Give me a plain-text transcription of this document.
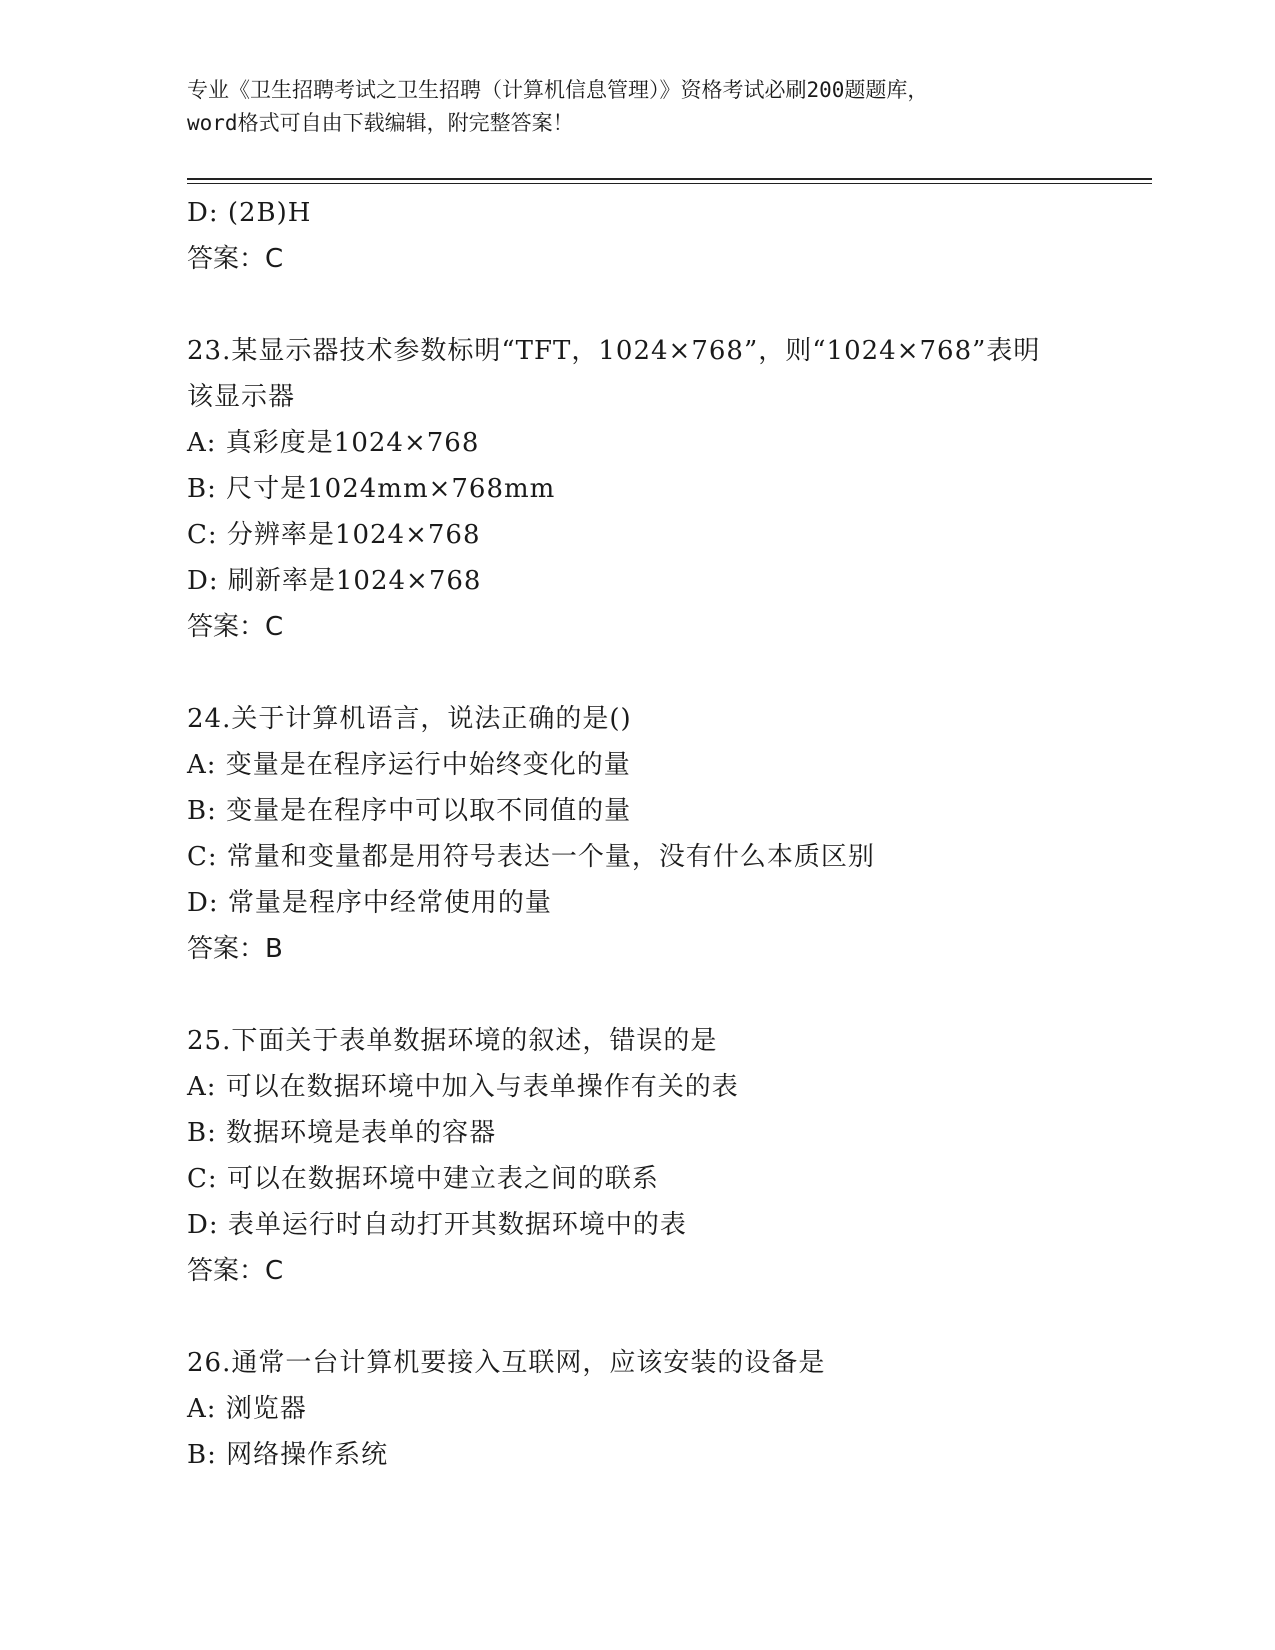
专业《卫生招聘考试之卫生招聘（计算机信息管理）》资格考试必刷200题题库，
word格式可自由下载编辑，附完整答案！
D: (2B)H
答案：C
23.某显示器技术参数标明“TFT，1024×768”，则“1024×768”表明该显示器
A: 真彩度是1024×768
B: 尺寸是1024mm×768mm
C: 分辨率是1024×768
D: 刷新率是1024×768
答案：C
24.关于计算机语言，说法正确的是()
A: 变量是在程序运行中始终变化的量
B: 变量是在程序中可以取不同值的量
C: 常量和变量都是用符号表达一个量，没有什么本质区别
D: 常量是程序中经常使用的量
答案：B
25.下面关于表单数据环境的叙述，错误的是
A: 可以在数据环境中加入与表单操作有关的表
B: 数据环境是表单的容器
C: 可以在数据环境中建立表之间的联系
D: 表单运行时自动打开其数据环境中的表
答案：C
26.通常一台计算机要接入互联网，应该安装的设备是
A: 浏览器
B: 网络操作系统
